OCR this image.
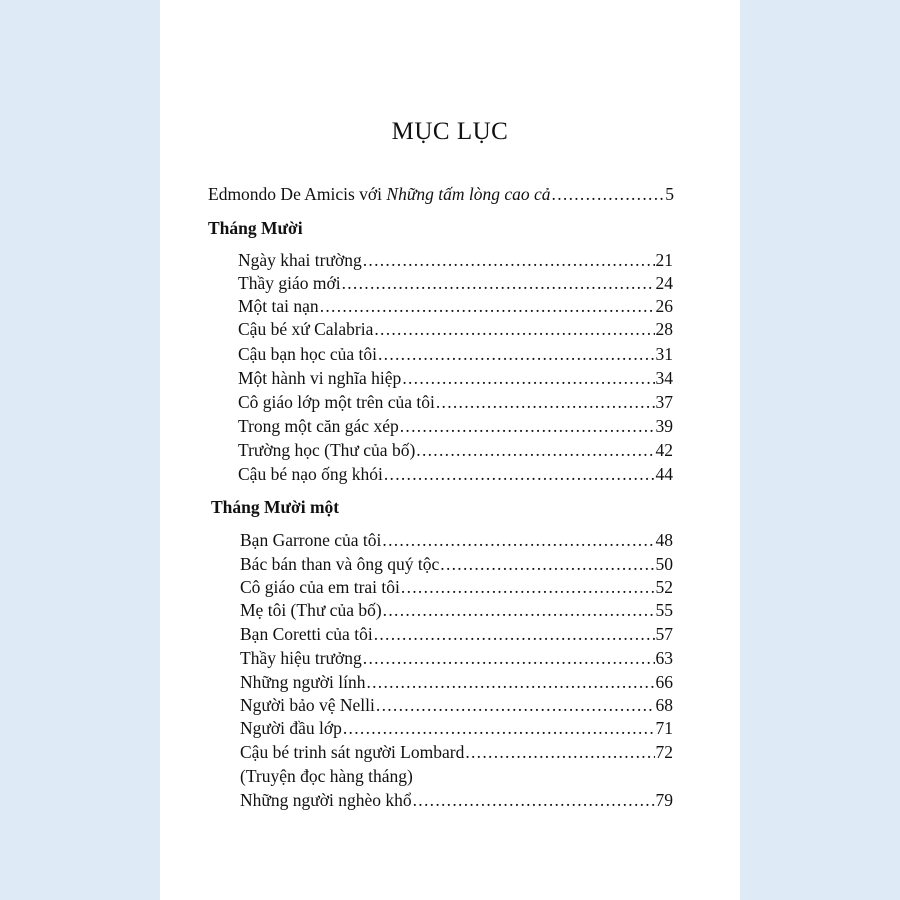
MỤC LỤC
Edmondo De Amicis với Những tấm lòng cao cả .....	5
Tháng Mười
Ngày khai trường .....	21
Thầy giáo mới .....	24
Một tai nạn .....	26
Cậu bé xứ Calabria .....	28
Cậu bạn học của tôi .....	31
Một hành vi nghĩa hiệp .....	34
Cô giáo lớp một trên của tôi .....	37
Trong một căn gác xép .....	39
Trường học (Thư của bố) .....	42
Cậu bé nạo ống khói .....	44
Tháng Mười một
Bạn Garrone của tôi .....	48
Bác bán than và ông quý tộc .....	50
Cô giáo của em trai tôi .....	52
Mẹ tôi (Thư của bố) .....	55
Bạn Coretti của tôi .....	57
Thầy hiệu trưởng .....	63
Những người lính .....	66
Người bảo vệ Nelli .....	68
Người đầu lớp .....	71
Cậu bé trinh sát người Lombard .....	72
(Truyện đọc hàng tháng)
Những người nghèo khổ .....	79
